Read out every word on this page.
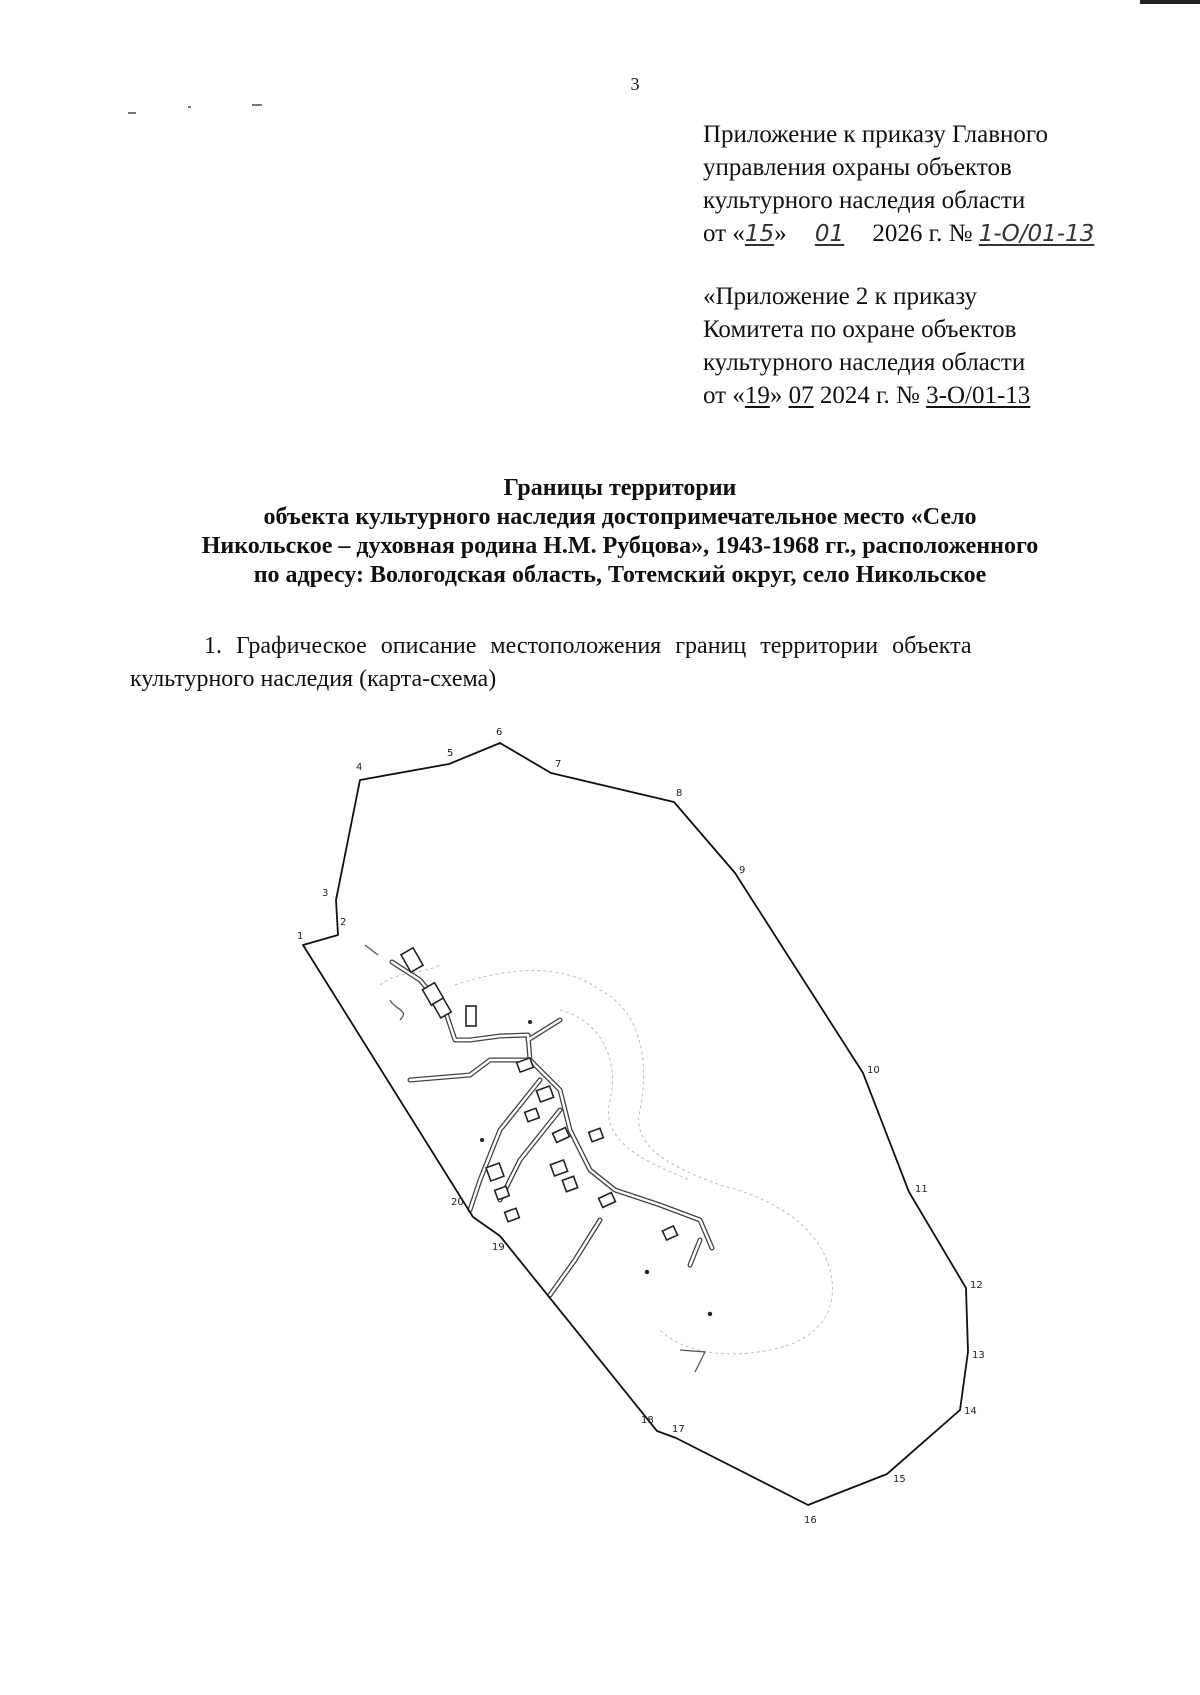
3
Приложение к приказу Главного
управления охраны объектов
культурного наследия области
от «15» 01 2026 г. № 1-О/01-13
«Приложение 2 к приказу
Комитета по охране объектов
культурного наследия области
от «19» 07 2024 г. № 3-О/01-13
Границы территории
объекта культурного наследия достопримечательное место «Село
Никольское – духовная родина Н.М. Рубцова», 1943-1968 гг., расположенного
по адресу: Вологодская область, Тотемский округ, село Никольское
1. Графическое описание местоположения границ территории объекта
культурного наследия (карта-схема)
1
2
3
4
5
6
7
8
9
10
11
12
13
14
15
16
17
18
19
20
